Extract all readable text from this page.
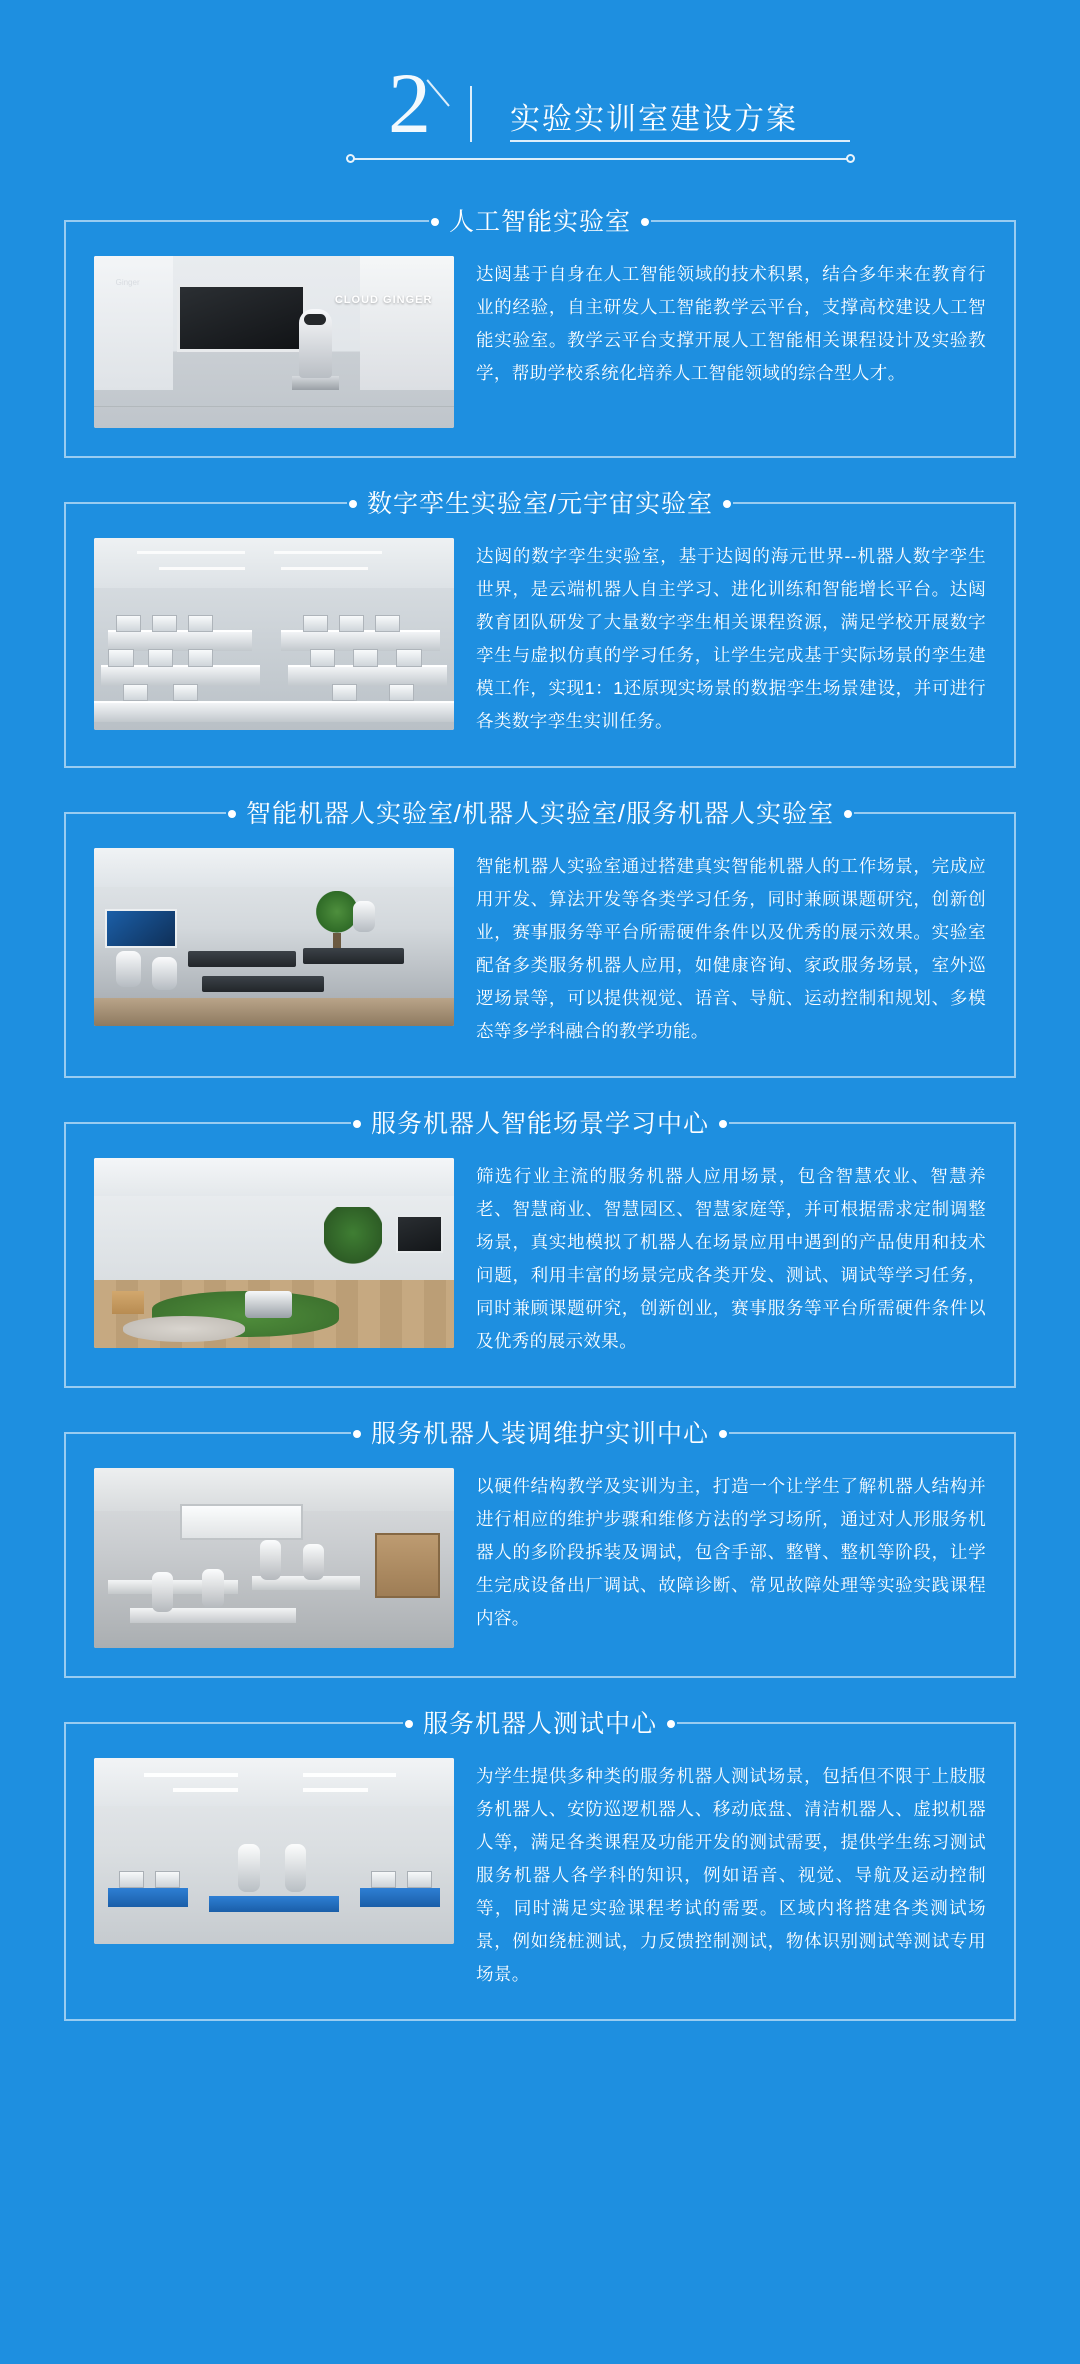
2	实验实训室建设方案
人工智能实验室
Ginger
CLOUD GINGER
达闼基于自身在人工智能领域的技术积累，结合多年来在教育行业的经验，自主研发人工智能教学云平台，支撑高校建设人工智能实验室。教学云平台支撑开展人工智能相关课程设计及实验教学，帮助学校系统化培养人工智能领域的综合型人才。
数字孪生实验室/元宇宙实验室
达闼的数字孪生实验室，基于达闼的海元世界--机器人数字孪生世界，是云端机器人自主学习、进化训练和智能增长平台。达闼教育团队研发了大量数字孪生相关课程资源，满足学校开展数字孪生与虚拟仿真的学习任务，让学生完成基于实际场景的孪生建模工作，实现1：1还原现实场景的数据孪生场景建设，并可进行各类数字孪生实训任务。
智能机器人实验室/机器人实验室/服务机器人实验室
智能机器人实验室通过搭建真实智能机器人的工作场景，完成应用开发、算法开发等各类学习任务，同时兼顾课题研究，创新创业，赛事服务等平台所需硬件条件以及优秀的展示效果。实验室配备多类服务机器人应用，如健康咨询、家政服务场景，室外巡逻场景等，可以提供视觉、语音、导航、运动控制和规划、多模态等多学科融合的教学功能。
服务机器人智能场景学习中心
筛选行业主流的服务机器人应用场景，包含智慧农业、智慧养老、智慧商业、智慧园区、智慧家庭等，并可根据需求定制调整场景，真实地模拟了机器人在场景应用中遇到的产品使用和技术问题，利用丰富的场景完成各类开发、测试、调试等学习任务，同时兼顾课题研究，创新创业，赛事服务等平台所需硬件条件以及优秀的展示效果。
服务机器人装调维护实训中心
以硬件结构教学及实训为主，打造一个让学生了解机器人结构并进行相应的维护步骤和维修方法的学习场所，通过对人形服务机器人的多阶段拆装及调试，包含手部、整臂、整机等阶段，让学生完成设备出厂调试、故障诊断、常见故障处理等实验实践课程内容。
服务机器人测试中心
为学生提供多种类的服务机器人测试场景，包括但不限于上肢服务机器人、安防巡逻机器人、移动底盘、清洁机器人、虚拟机器人等，满足各类课程及功能开发的测试需要，提供学生练习测试服务机器人各学科的知识，例如语音、视觉、导航及运动控制等，同时满足实验课程考试的需要。区域内将搭建各类测试场景，例如绕桩测试，力反馈控制测试，物体识别测试等测试专用场景。
